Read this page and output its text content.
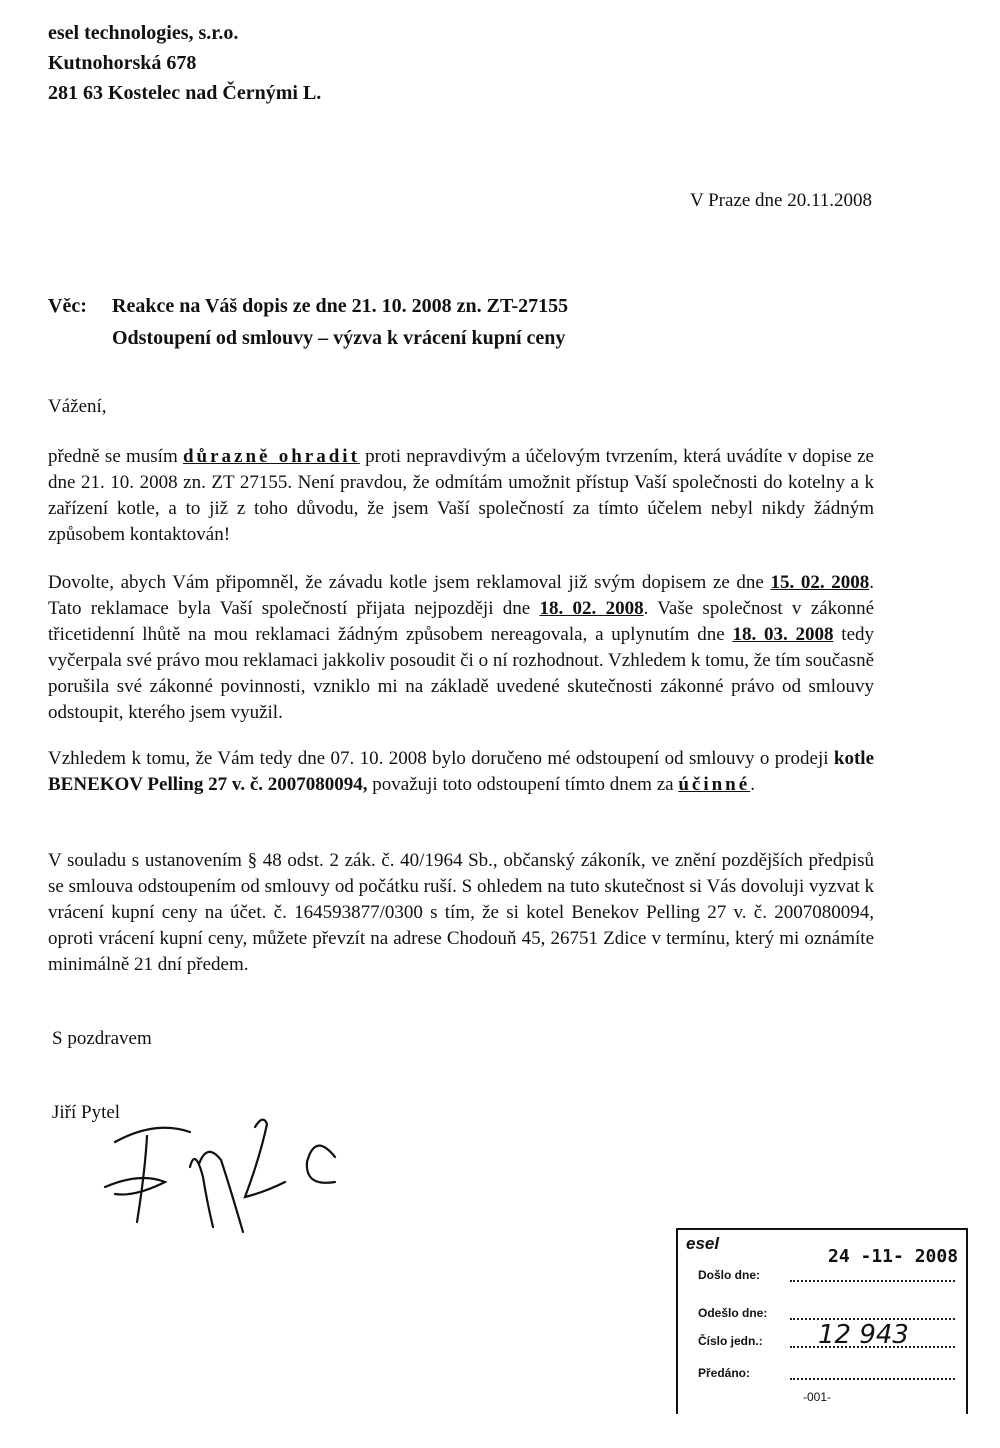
esel technologies, s.r.o.
Kutnohorská 678
281 63 Kostelec nad Černými L.
V Praze dne 20.11.2008
Věc: Reakce na Váš dopis ze dne 21. 10. 2008 zn. ZT-27155
Odstoupení od smlouvy – výzva k vrácení kupní ceny
Vážení,
předně se musím důrazně ohradit proti nepravdivým a účelovým tvrzením, která uvádíte v dopise ze dne 21. 10. 2008 zn. ZT 27155. Není pravdou, že odmítám umožnit přístup Vaší společnosti do kotelny a k zařízení kotle, a to již z toho důvodu, že jsem Vaší společností za tímto účelem nebyl nikdy žádným způsobem kontaktován!
Dovolte, abych Vám připomněl, že závadu kotle jsem reklamoval již svým dopisem ze dne 15. 02. 2008. Tato reklamace byla Vaší společností přijata nejpozději dne 18. 02. 2008. Vaše společnost v zákonné třicetidenní lhůtě na mou reklamaci žádným způsobem nereagovala, a uplynutím dne 18. 03. 2008 tedy vyčerpala své právo mou reklamaci jakkoliv posoudit či o ní rozhodnout. Vzhledem k tomu, že tím současně porušila své zákonné povinnosti, vzniklo mi na základě uvedené skutečnosti zákonné právo od smlouvy odstoupit, kterého jsem využil.
Vzhledem k tomu, že Vám tedy dne 07. 10. 2008 bylo doručeno mé odstoupení od smlouvy o prodeji kotle BENEKOV Pelling 27 v. č. 2007080094, považuji toto odstoupení tímto dnem za účinné.
V souladu s ustanovením § 48 odst. 2 zák. č. 40/1964 Sb., občanský zákoník, ve znění pozdějších předpisů se smlouva odstoupením od smlouvy od počátku ruší. S ohledem na tuto skutečnost si Vás dovoluji vyzvat k vrácení kupní ceny na účet. č. 164593877/0300 s tím, že si kotel Benekov Pelling 27 v. č. 2007080094, oproti vrácení kupní ceny, můžete převzít na adrese Chodouň 45, 26751 Zdice v termínu, který mi oznámíte minimálně 21 dní předem.
S pozdravem
Jiří Pytel
esel
24 -11- 2008
Došlo dne:
Odešlo dne:
12 943
Číslo jedn.:
Předáno:
-001-
